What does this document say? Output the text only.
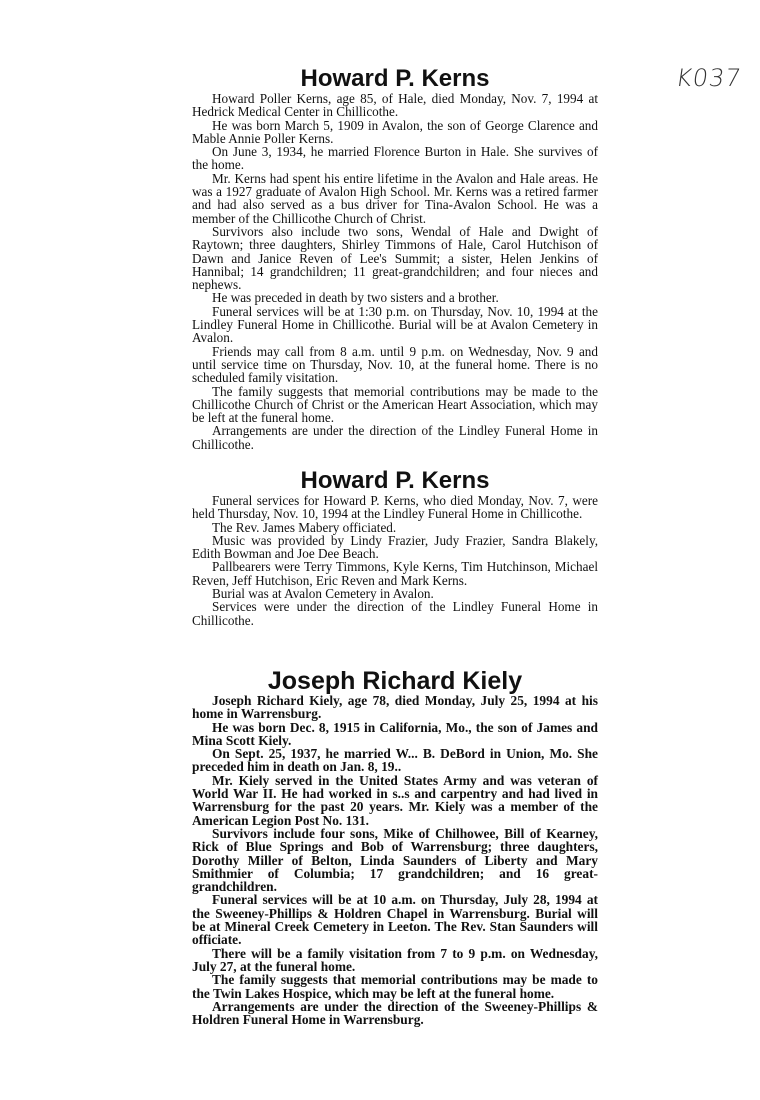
K037
Howard P. Kerns

Howard Poller Kerns, age 85, of Hale, died Monday, Nov. 7, 1994 at Hedrick Medical Center in Chillicothe.

He was born March 5, 1909 in Avalon, the son of George Clarence and Mable Annie Poller Kerns.

On June 3, 1934, he married Florence Burton in Hale. She survives of the home.

Mr. Kerns had spent his entire lifetime in the Avalon and Hale areas. He was a 1927 graduate of Avalon High School. Mr. Kerns was a retired farmer and had also served as a bus driver for Tina-Avalon School. He was a member of the Chillicothe Church of Christ.

Survivors also include two sons, Wendal of Hale and Dwight of Raytown; three daughters, Shirley Timmons of Hale, Carol Hutchison of Dawn and Janice Reven of Lee's Summit; a sister, Helen Jenkins of Hannibal; 14 grandchildren; 11 great-grandchildren; and four nieces and nephews.

He was preceded in death by two sisters and a brother.

Funeral services will be at 1:30 p.m. on Thursday, Nov. 10, 1994 at the Lindley Funeral Home in Chillicothe. Burial will be at Avalon Cemetery in Avalon.

Friends may call from 8 a.m. until 9 p.m. on Wednesday, Nov. 9 and until service time on Thursday, Nov. 10, at the funeral home. There is no scheduled family visitation.

The family suggests that memorial contributions may be made to the Chillicothe Church of Christ or the American Heart Association, which may be left at the funeral home.

Arrangements are under the direction of the Lindley Funeral Home in Chillicothe.

Howard P. Kerns

Funeral services for Howard P. Kerns, who died Monday, Nov. 7, were held Thursday, Nov. 10, 1994 at the Lindley Funeral Home in Chillicothe.

The Rev. James Mabery officiated.

Music was provided by Lindy Frazier, Judy Frazier, Sandra Blakely, Edith Bowman and Joe Dee Beach.

Pallbearers were Terry Timmons, Kyle Kerns, Tim Hutchinson, Michael Reven, Jeff Hutchison, Eric Reven and Mark Kerns.

Burial was at Avalon Cemetery in Avalon.

Services were under the direction of the Lindley Funeral Home in Chillicothe.

Joseph Richard Kiely

Joseph Richard Kiely, age 78, died Monday, July 25, 1994 at his home in Warrensburg.

He was born Dec. 8, 1915 in California, Mo., the son of James and Mina Scott Kiely.

On Sept. 25, 1937, he married W... B. DeBord in Union, Mo. She preceded him in death on Jan. 8, 19..

Mr. Kiely served in the United States Army and was veteran of World War II. He had worked in s..s and carpentry and had lived in Warrensburg for the past 20 years. Mr. Kiely was a member of the American Legion Post No. 131.

Survivors include four sons, Mike of Chilhowee, Bill of Kearney, Rick of Blue Springs and Bob of Warrensburg; three daughters, Dorothy Miller of Belton, Linda Saunders of Liberty and Mary Smithmier of Columbia; 17 grandchildren; and 16 great-grandchildren.

Funeral services will be at 10 a.m. on Thursday, July 28, 1994 at the Sweeney-Phillips & Holdren Chapel in Warrensburg. Burial will be at Mineral Creek Cemetery in Leeton. The Rev. Stan Saunders will officiate.

There will be a family visitation from 7 to 9 p.m. on Wednesday, July 27, at the funeral home.

The family suggests that memorial contributions may be made to the Twin Lakes Hospice, which may be left at the funeral home.

Arrangements are under the direction of the Sweeney-Phillips & Holdren Funeral Home in Warrensburg.
